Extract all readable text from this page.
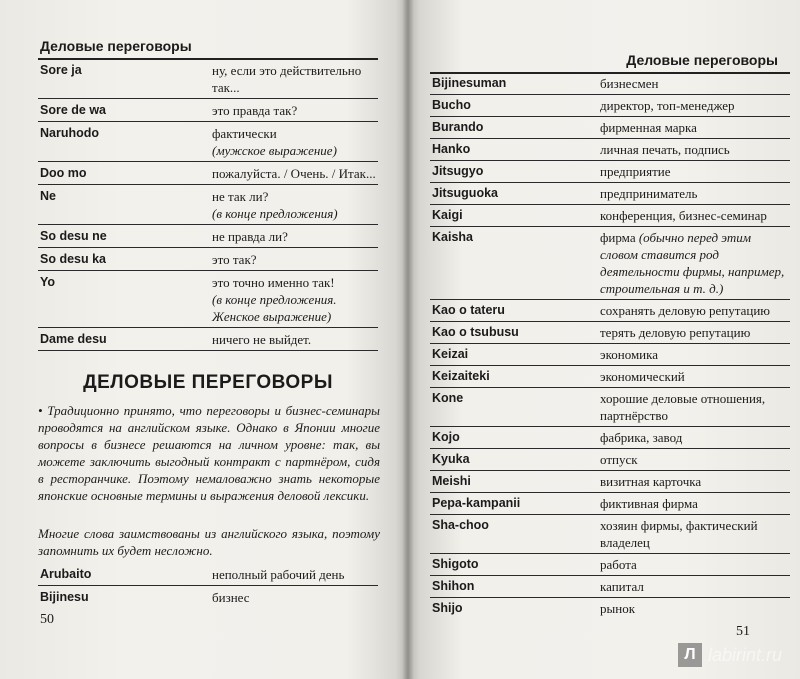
Деловые переговоры
Sore ja	ну, если это действительно так...
Sore de wa	это правда так?
Naruhodo	фактически
(мужское выражение)
Doo mo	пожалуйста. / Очень. / Итак...
Ne	не так ли?
(в конце предложения)
So desu ne	не правда ли?
So desu ka	это так?
Yo	это точно именно так!
(в конце предложения. Женское выражение)
Dame desu	ничего не выйдет.
ДЕЛОВЫЕ ПЕРЕГОВОРЫ
• Традиционно принято, что переговоры и бизнес-семинары проводятся на английском языке. Однако в Японии многие вопросы в бизнесе решаются на личном уровне: так, вы можете заключить выгодный контракт с партнёром, сидя в ресторанчике. Поэтому немаловажно знать некоторые японские основные термины и выражения деловой лексики.
Многие слова заимствованы из английского языка, поэтому запомнить их будет несложно.
Arubaito	неполный рабочий день
Bijinesu	бизнес
50
Деловые переговоры
Bijinesuman	бизнесмен
Bucho	директор, топ-менеджер
Burando	фирменная марка
Hanko	личная печать, подпись
Jitsugyo	предприятие
Jitsuguoka	предприниматель
Kaigi	конференция, бизнес-семинар
Kaisha	фирма (обычно перед этим словом ставится род деятельности фирмы, например, строительная и т. д.)
Kao o tateru	сохранять деловую репутацию
Kao o tsubusu	терять деловую репутацию
Keizai	экономика
Keizaiteki	экономический
Kone	хорошие деловые отношения, партнёрство
Kojo	фабрика, завод
Kyuka	отпуск
Meishi	визитная карточка
Pepa-kampanii	фиктивная фирма
Sha-choo	хозяин фирмы, фактический владелец
Shigoto	работа
Shihon	капитал
Shijo	рынок
51
Л labirint.ru
